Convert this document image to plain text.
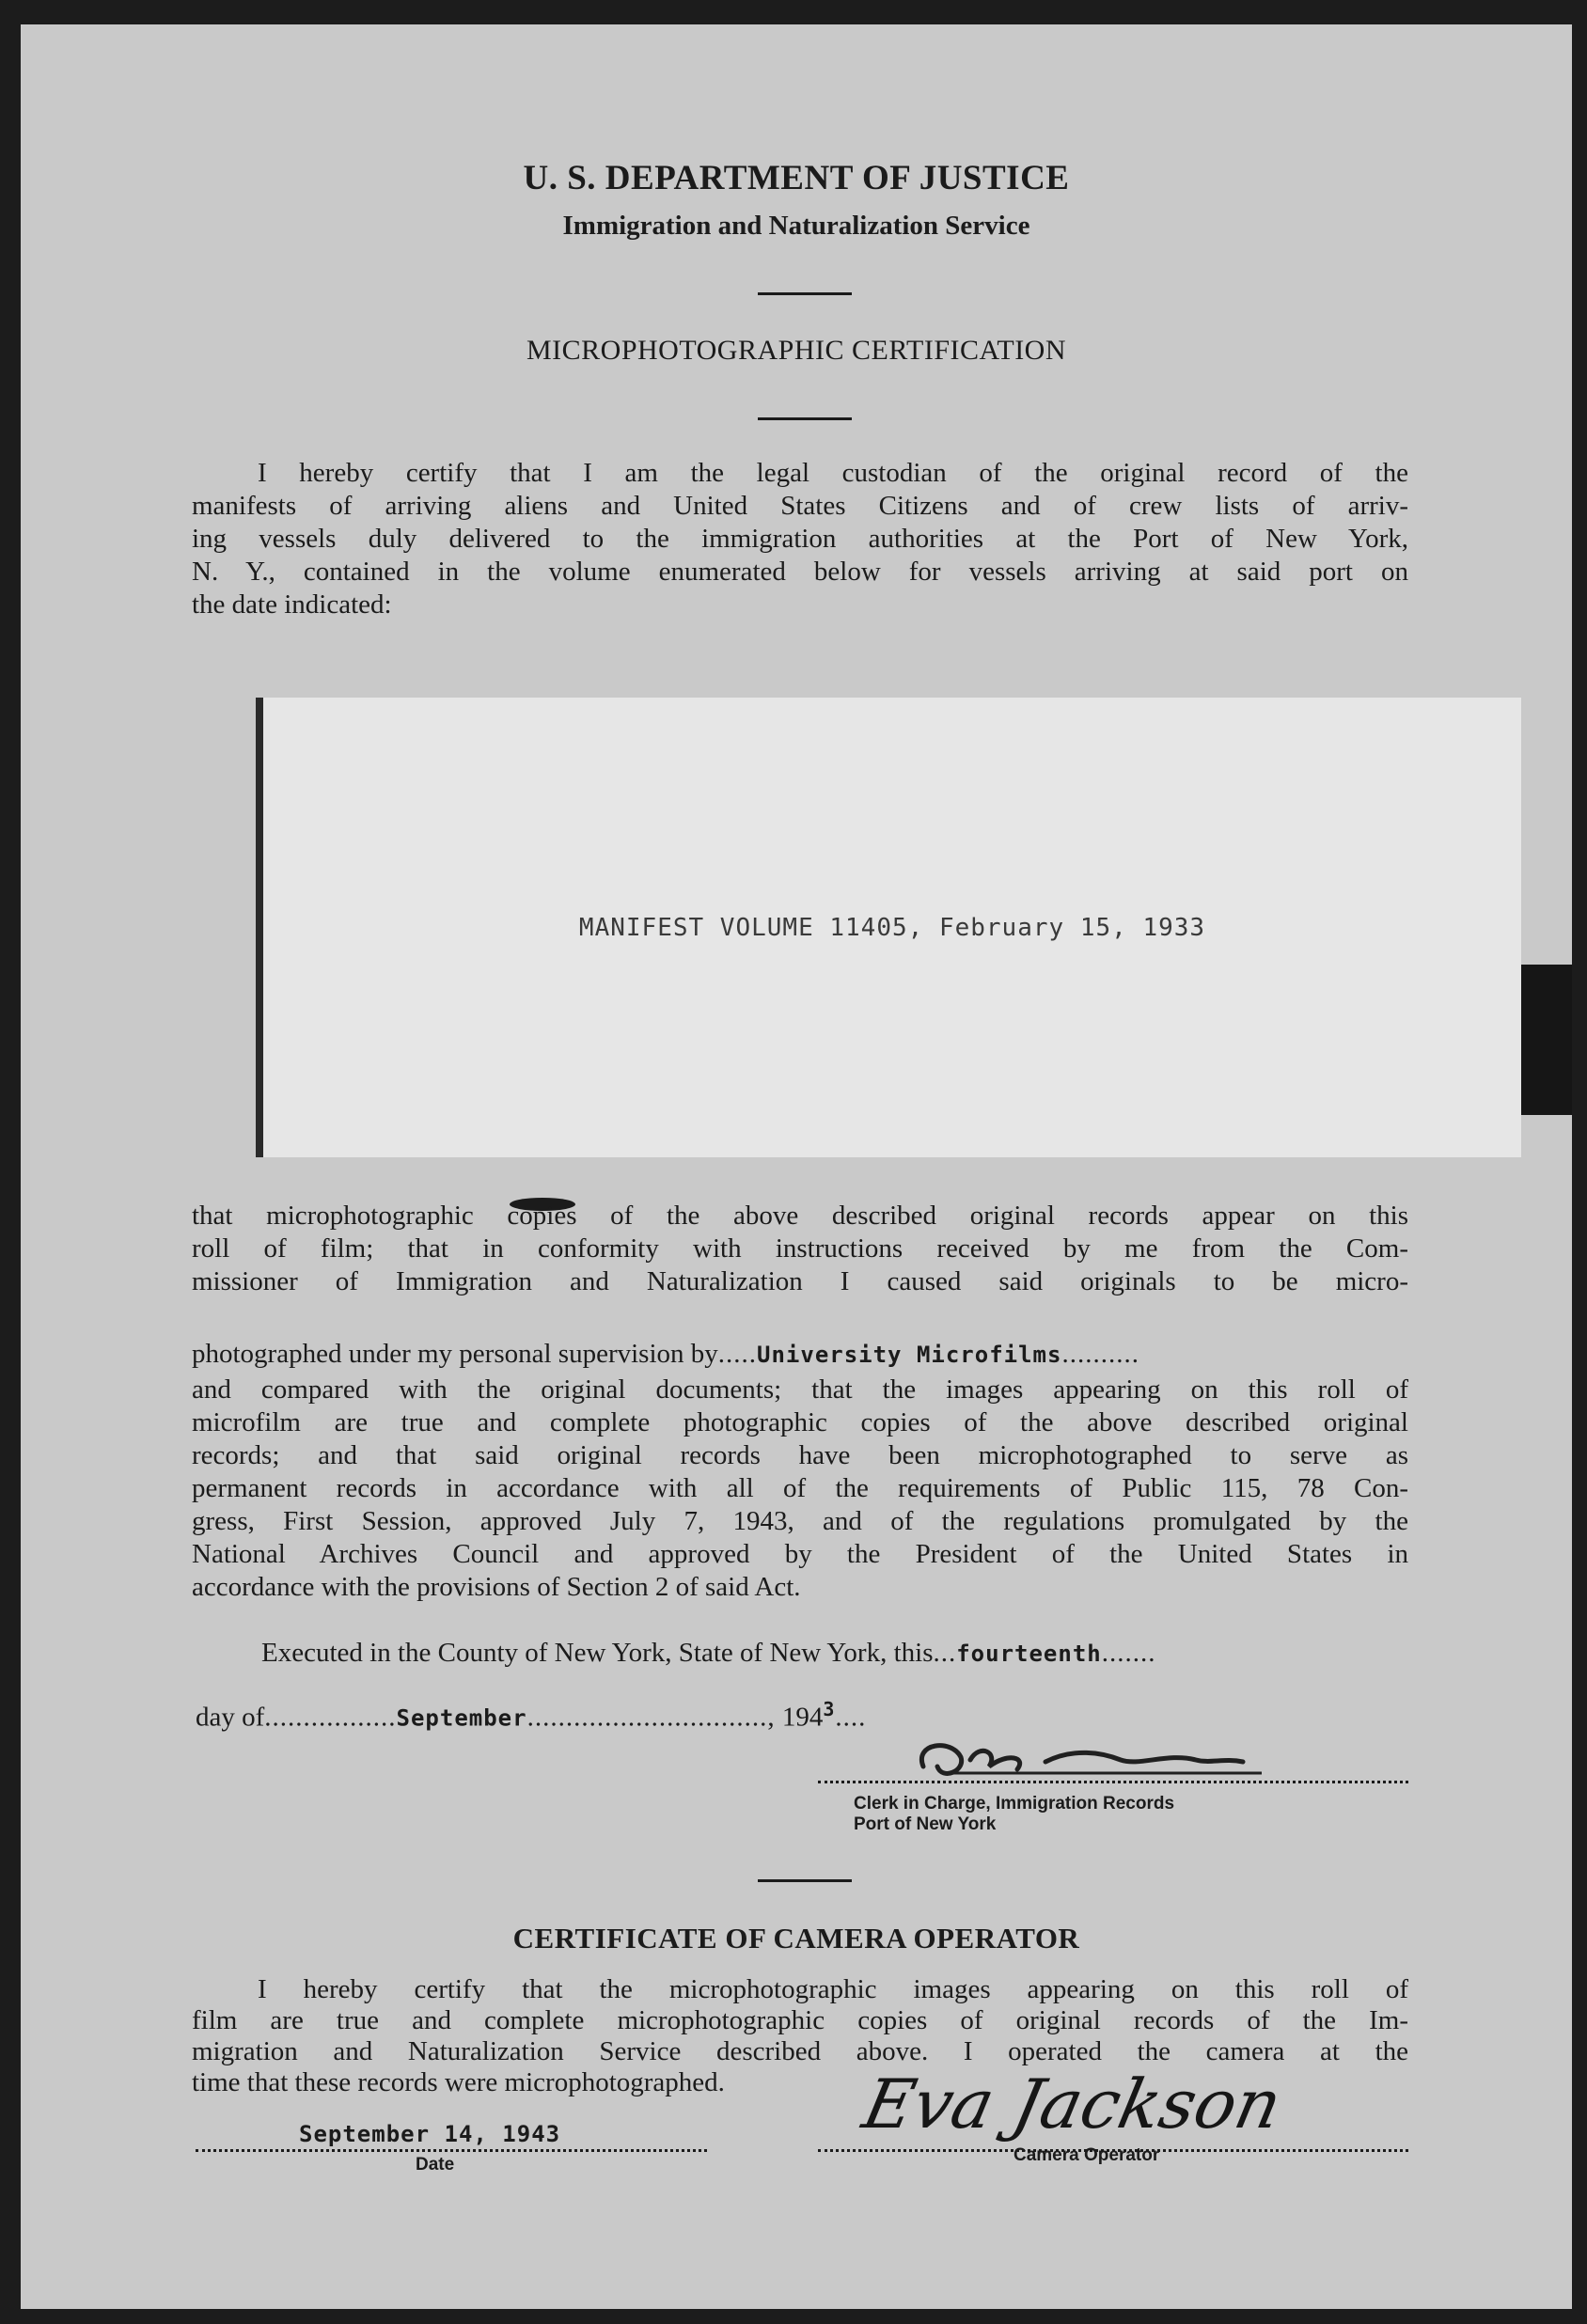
U. S. DEPARTMENT OF JUSTICE
Immigration and Naturalization Service
MICROPHOTOGRAPHIC CERTIFICATION
I hereby certify that I am the legal custodian of the original record of the
manifests of arriving aliens and United States Citizens and of crew lists of arriv-
ing vessels duly delivered to the immigration authorities at the Port of New York,
N. Y., contained in the volume enumerated below for vessels arriving at said port on
the date indicated:
MANIFEST VOLUME 11405, February 15, 1933
that microphotographic copies of the above described original records appear on this
roll of film; that in conformity with instructions received by me from the Com-
missioner of Immigration and Naturalization I caused said originals to be micro-
photographed under my personal supervision by.....University Microfilms..........
and compared with the original documents; that the images appearing on this roll of
microfilm are true and complete photographic copies of the above described original
records; and that said original records have been microphotographed to serve as
permanent records in accordance with all of the requirements of Public 115, 78 Con-
gress, First Session, approved July 7, 1943, and of the regulations promulgated by the
National Archives Council and approved by the President of the United States in
accordance with the provisions of Section 2 of said Act.
Executed in the County of New York, State of New York, this...fourteenth.......
day of.................September..............................., $194^3$....
Clerk in Charge, Immigration Records
Port of New York
CERTIFICATE OF CAMERA OPERATOR
I hereby certify that the microphotographic images appearing on this roll of
film are true and complete microphotographic copies of original records of the Im-
migration and Naturalization Service described above. I operated the camera at the
time that these records were microphotographed.
September 14, 1943
Date
Eva Jackson
Camera Operator
